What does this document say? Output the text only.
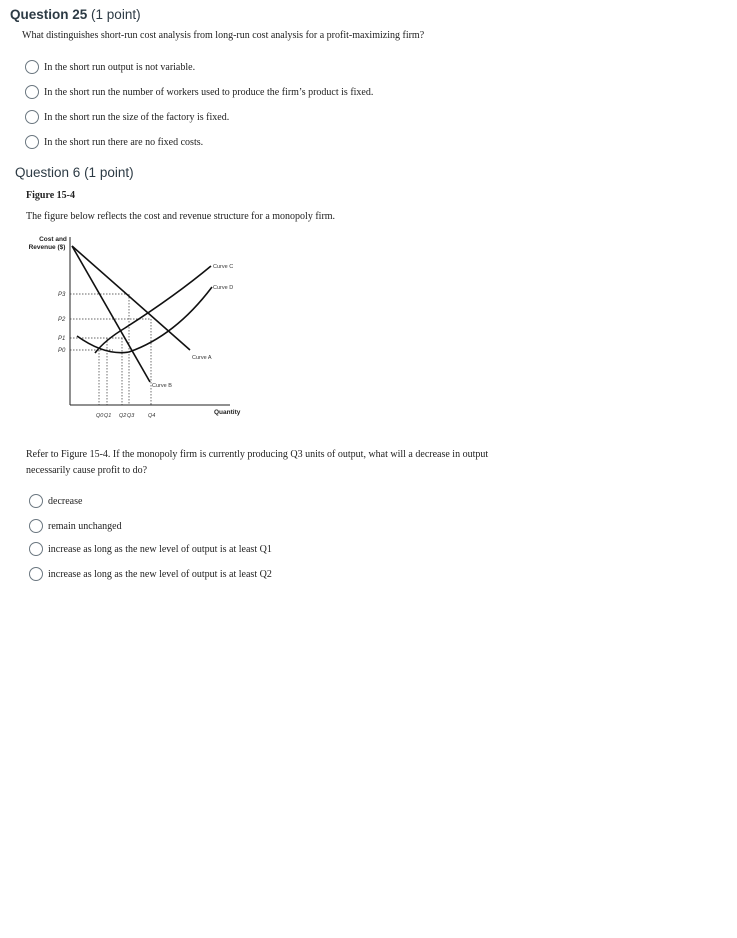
Question 25 (1 point)
What distinguishes short-run cost analysis from long-run cost analysis for a profit-maximizing firm?
In the short run output is not variable.
In the short run the number of workers used to produce the firm’s product is fixed.
In the short run the size of the factory is fixed.
In the short run there are no fixed costs.
Question 6 (1 point)
Figure 15-4
The figure below reflects the cost and revenue structure for a monopoly firm.
Cost and
Revenue ($)
P3
P2
P1
P0
Q0 Q1 Q2 Q3 Q4
Curve C
Curve D
Curve A
Curve B
Quantity
Refer to Figure 15-4. If the monopoly firm is currently producing Q3 units of output, what will a decrease in output
necessarily cause profit to do?
decrease
remain unchanged
increase as long as the new level of output is at least Q1
increase as long as the new level of output is at least Q2
